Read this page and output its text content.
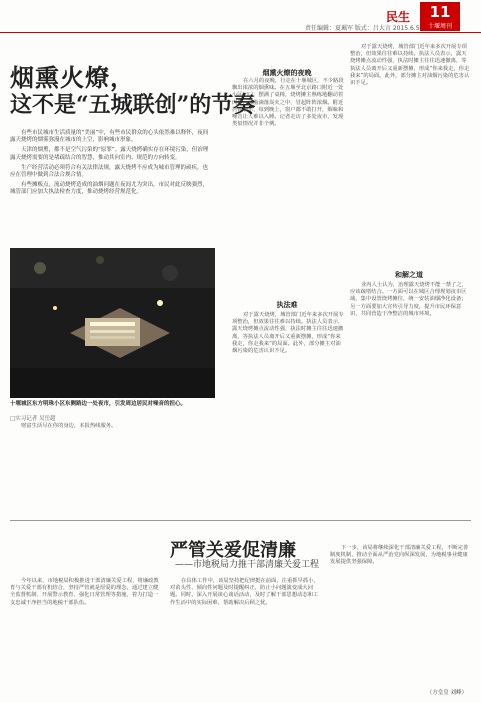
民生	11
十堰周刊
责任编辑：夏珮军 版式：吕大言 2015.6.5
烟熏火燎，
这不是“五城联创”的节奏

有些市民城市生活质量的“美丽”中，有些市民群众的心头依然难以释怀，夜间露天烧烤的烟雾弥漫在城市的上空，影响城市形象。

天津的烟熏，都不是空气污染的“原罪”。露天烧烤确实存在环境污染，但治理露天烧烤需要的是堵疏结合的智慧，推动其向室内、规范的方向转变。

生产经营活动必须符合有关法律法规，露天烧烤不应成为城市管理的顽疾，也应在管理中做到合法合规合情。

有些摊贩点，流动烧烤造成的油烟问题在夜间尤为突出，市民对此反映强烈，城管部门应加大执法检查力度，推动烧烤经营规范化。

十堰城区东方明珠小区东侧路边一处夜市，引发周边居民对噪音的担心。
□实习记者 吴岳超
烟熏火燎的夜晚

在六月的夜晚，行走在十堰城区，不少路段飘出浓浓的烟熏味。在五堰至北京路口附近一处小区门口，摆满了桌椅，烧烤摊主熟练地翻动着肉串，油脂滴落炭火之中，冒起阵阵浓烟。附近居民表示，每到晚上，窗户都不敢打开，烟味和噪音让人难以入睡。记者走访了多处夜市，发现类似情况并非个例。

执法难

对于露天烧烤，城管部门近年来多次开展专项整治，但效果往往难以持续。执法人员表示，露天烧烤摊点流动性强，执法时摊主往往迅速撤离，等执法人员离开后又重新摆摊，形成“你来我走，你走我来”的局面。此外，部分摊主对油烟污染的危害认识不足。

对于露天烧烤，城管部门近年来多次开展专项整治，但效果往往难以持续。执法人员表示，露天烧烤摊点流动性强，执法时摊主往往迅速撤离，等执法人员离开后又重新摆摊，形成“你来我走，你走我来”的局面。此外，部分摊主对油烟污染的危害认识不足。

和解之道

业内人士认为，治理露天烧烤不能一禁了之，应该疏堵结合。一方面可以在城区合理规划夜市区域，集中设置烧烤摊位，统一安装油烟净化设备；另一方面要加大宣传引导力度，提升市民环保意识，共同营造干净整洁的城市环境。

财富生活尽在你的身边，本报热线服务。

严管关爱促清廉
——市地税局力推干部清廉关爱工程

今年以来，市地税局积极推进干部清廉关爱工程，将廉政教育与关爱干部有机结合，坚持严管就是厚爱的理念，通过建立健全监督机制、开展警示教育、强化日常管理等措施，着力打造一支忠诚干净担当的地税干部队伍。

在具体工作中，该局坚持把纪律挺在前面，注重抓早抓小，对苗头性、倾向性问题及时提醒纠正，防止小问题演变成大问题。同时，深入开展谈心谈话活动，及时了解干部思想动态和工作生活中的实际困难，帮助解决后顾之忧。

下一步，该局将继续深化干部清廉关爱工程，不断完善制度机制，推动全面从严治党向纵深发展，为地税事业健康发展提供坚强保障。

（方皇皇 刘峰）
